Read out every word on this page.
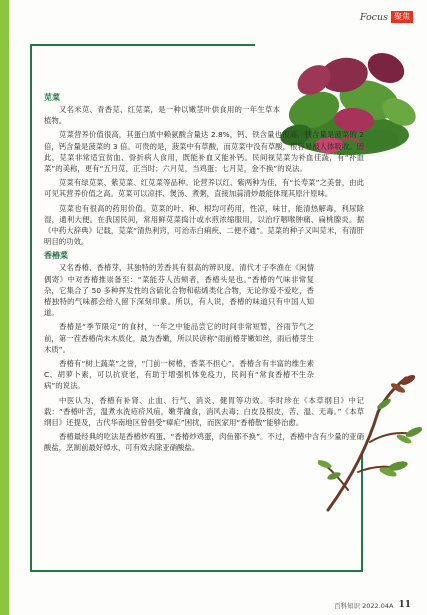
Focus 聚焦
苋菜

又名米苋、青香苋、红苋菜，是一种以嫩茎叶供食用的一年生草本植物。

苋菜营养价值很高，其蛋白质中赖氨酸含量达 2.8%，钙、铁含量也很高，铁含量是菠菜的 2 倍，钙含量是菠菜的 3 倍。可贵的是，菠菜中有草酸，而苋菜中没有草酸，很容易被人体吸收。因此，苋菜非常适宜贫血、骨折病人食用，既能补血又能补钙。民间视苋菜为补血佳蔬，有“补血菜”的美称，更有“五月苋，正当时；六月苋，当鸡蛋；七月苋，金不换”的说法。

苋菜有绿苋菜、紫苋菜、红苋菜等品种。论营养以红、紫两种为佳，有“长寿菜”之美誉，由此可见其营养价值之高。苋菜可以凉拌、煲汤、煮粥，直接加蒜清炒最能体现其原汁原味。

苋菜也有很高的药用价值。苋菜的叶、种、根均可药用，性凉，味甘，能清热解毒，利尿除湿，通利大便。在我国民间，常用鲜苋菜捣汁或水煎浓缩服用，以治疗咽喉肿痛、扁桃腺炎。据《中药大辞典》记载，苋菜“清热利窍，可治赤白痢疾、二便不通”。苋菜的种子又叫苋米，有清肝明目的功效。

香椿菜

又名香椿、香椿芽，其独特的芳香具有很高的辨识度。清代才子李渔在《闲情偶寄》中对香椿推崇备至：“菜能芬人齿颊者，香椿头是也。”香椿的气味非常复杂，它集合了 50 多种挥发性的含硫化合物和萜烯类化合物，无论你爱不爱吃，香椿独特的气味都会给人留下深刻印象。所以，有人说，香椿的味道只有中国人知道。

香椿是“季节限定”的食材，一年之中能品尝它的时间非常短暂，谷雨节气之前，第一茬香椿尚未木质化，最为香嫩，所以民谚称“雨前椿芽嫩如丝，雨后椿芽生木质”。

香椿有“树上蔬菜”之誉，“门前一树椿，香菜不担心”。香椿含有丰富的维生素 C、胡萝卜素，可以抗衰老，有助于增强机体免疫力，民间有“常食香椿不生杂病”的说法。

中医认为，香椿有补肾、止血、行气、消炎、健胃等功效。李时珍在《本草纲目》中记载：“香椿叶苦，温煮水洗疮疥风疽，嫩芽瀹食，消风去毒；白皮及根皮，苦、温、无毒。”《本草纲目》还提及，古代华南地区曾倡受“瘴疟”困扰，而医家用“香椿散”能够治愈。

香椿最经典的吃法是香椿炒鸡蛋、“香椿炒鸡蛋，肉鱼都不换”。不过，香椿中含有少量的亚硝酸盐，烹制前最好焯水，可有效去除亚硝酸盐。

百科知识 2022.04A 11
